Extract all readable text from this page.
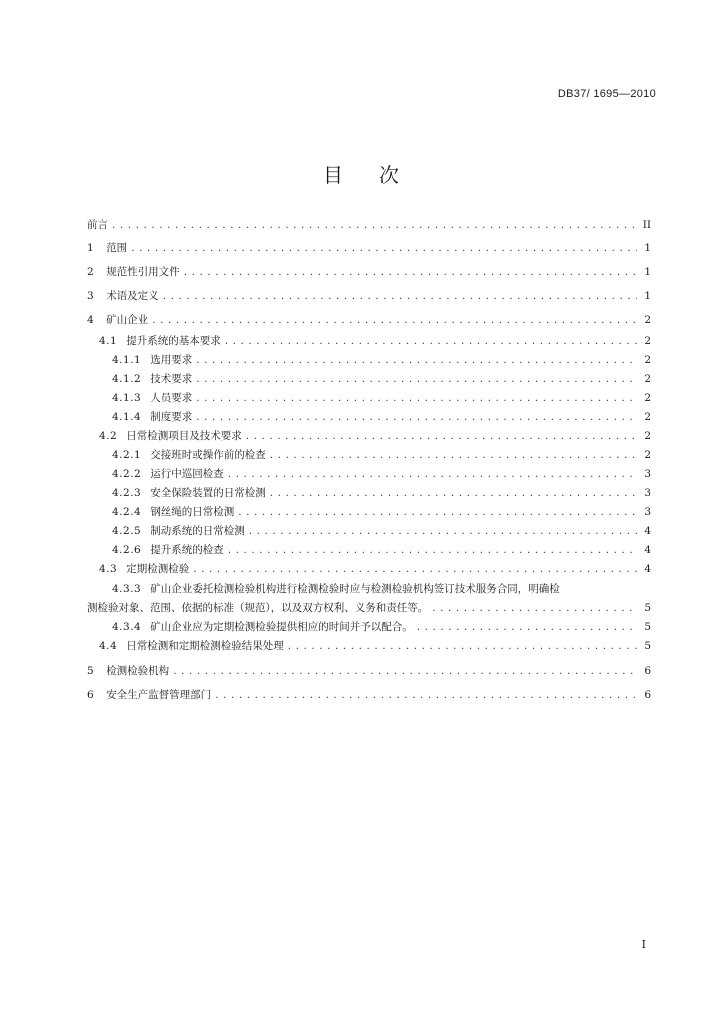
DB37/ 1695—2010
目 次
前言 . . .	II
1 范围 . . .	1
2 规范性引用文件 . . .	1
3 术语及定义 . . .	1
4 矿山企业 . . .	2
4.1 提升系统的基本要求 . . .	2
4.1.1 选用要求 . . .	2
4.1.2 技术要求 . . .	2
4.1.3 人员要求 . . .	2
4.1.4 制度要求 . . .	2
4.2 日常检测项目及技术要求 . . .	2
4.2.1 交接班时或操作前的检查 . . .	2
4.2.2 运行中巡回检查 . . .	3
4.2.3 安全保险装置的日常检测 . . .	3
4.2.4 钢丝绳的日常检测 . . .	3
4.2.5 制动系统的日常检测 . . .	4
4.2.6 提升系统的检查 . . .	4
4.3 定期检测检验 . . .	4
4.3.3 矿山企业委托检测检验机构进行检测检验时应与检测检验机构签订技术服务合同，明确检
测检验对象、范围、依据的标准（规范），以及双方权利、义务和责任等。 . . .	5
4.3.4 矿山企业应为定期检测检验提供相应的时间并予以配合。 . . .	5
4.4 日常检测和定期检测检验结果处理 . . .	5
5 检测检验机构 . . .	6
6 安全生产监督管理部门 . . .	6
I
